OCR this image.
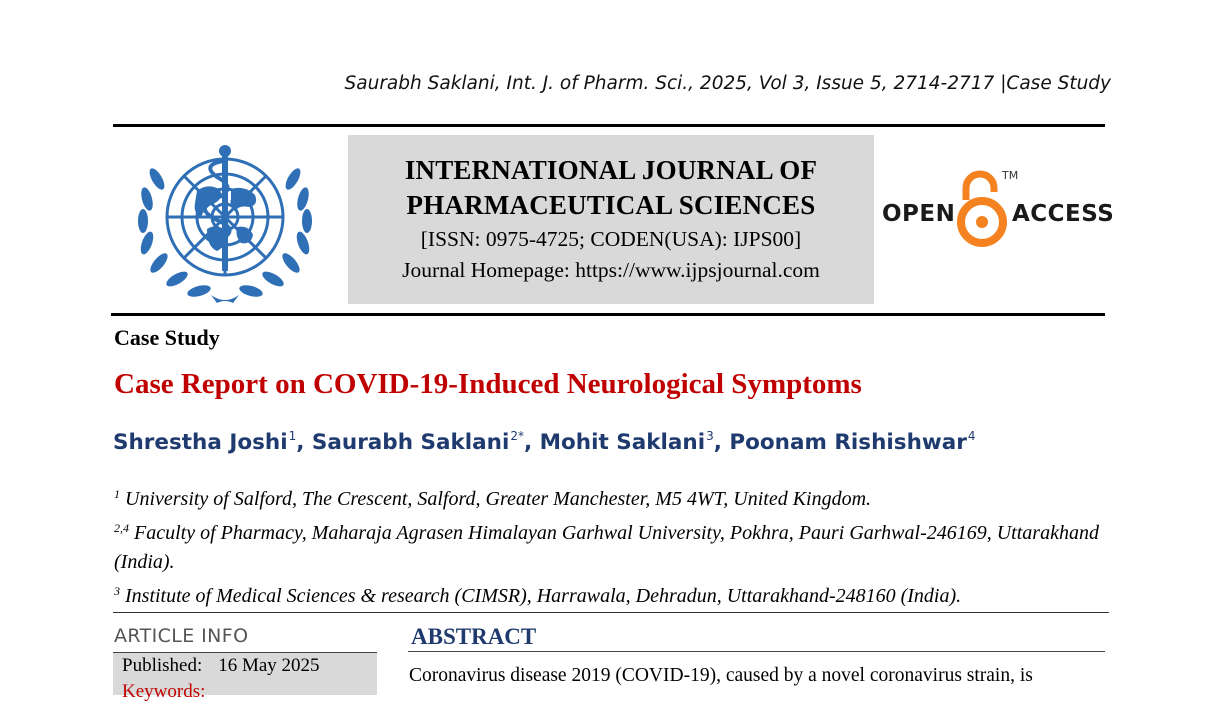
Saurabh Saklani, Int. J. of Pharm. Sci., 2025, Vol 3, Issue 5, 2714-2717 |Case Study
INTERNATIONAL JOURNAL OF PHARMACEUTICAL SCIENCES
[ISSN: 0975-4725; CODEN(USA): IJPS00]
Journal Homepage: https://www.ijpsjournal.com
OPEN
TM
ACCESS
Case Study
Case Report on COVID-19-Induced Neurological Symptoms
Shrestha Joshi$^1$, Saurabh Saklani$^{2*}$, Mohit Saklani$^3$, Poonam Rishishwar$^4$

$^1$ University of Salford, The Crescent, Salford, Greater Manchester, M5 4WT, United Kingdom.

$^{2,4}$ Faculty of Pharmacy, Maharaja Agrasen Himalayan Garhwal University, Pokhra, Pauri Garhwal-246169, Uttarakhand (India).

$^3$ Institute of Medical Sciences & research (CIMSR), Harrawala, Dehradun, Uttarakhand-248160 (India).

ARTICLE INFO
Published: 16 May 2025
Keywords:
ABSTRACT
Coronavirus disease 2019 (COVID-19), caused by a novel coronavirus strain, is
